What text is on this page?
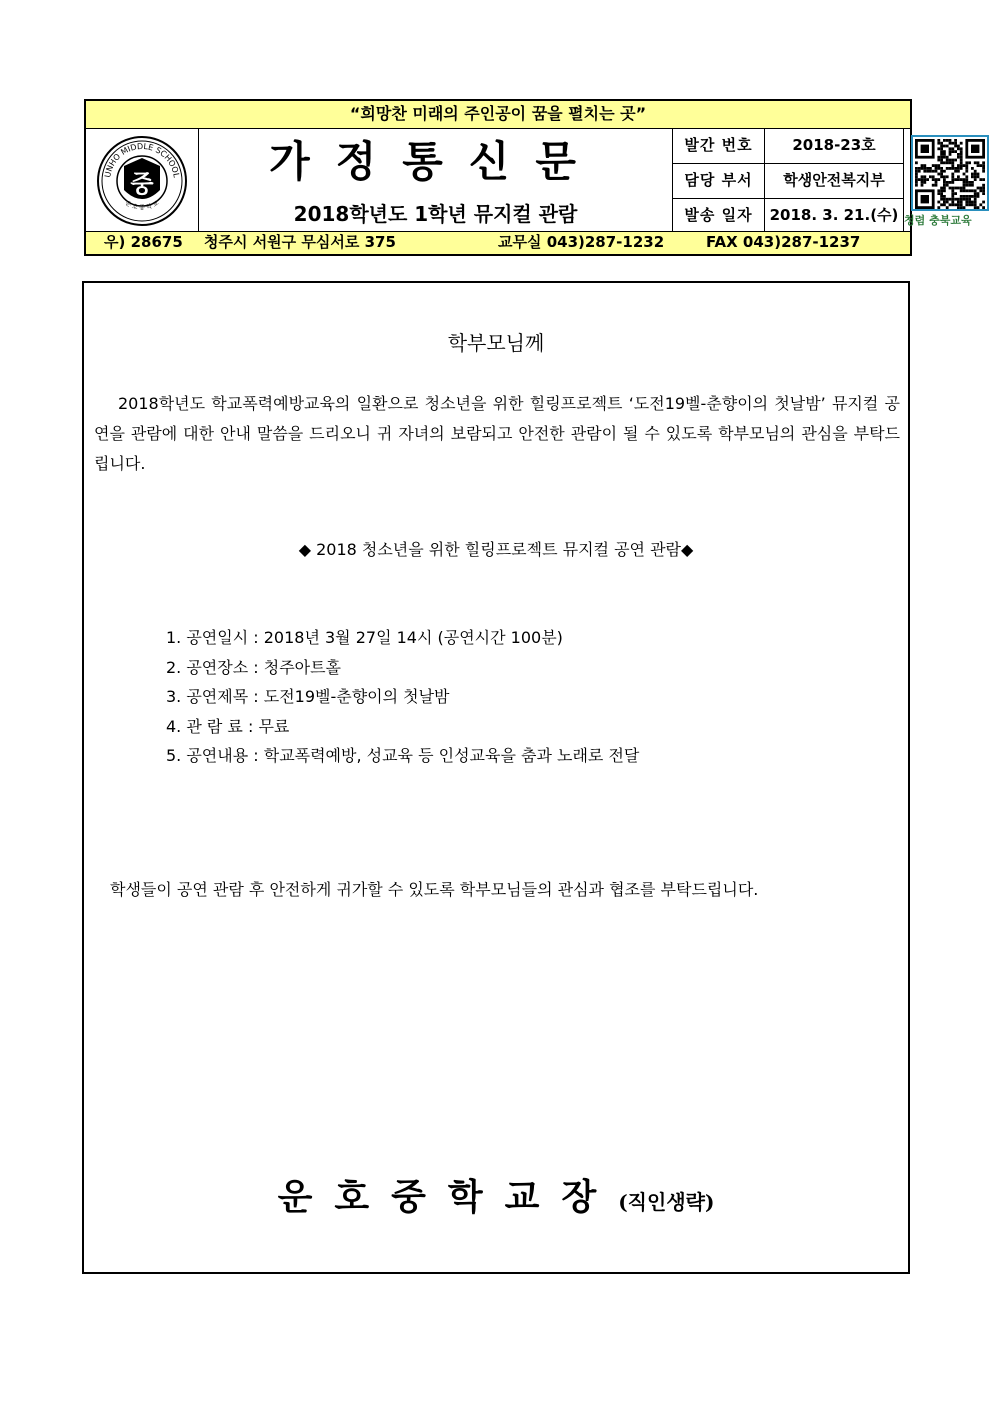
“희망찬 미래의 주인공이 꿈을 펼치는 곳”
UNHO MIDDLE SCHOOL
운 호 중 학 교
중	가정통신문
2018학년도 1학년 뮤지컬 관람
발간 번호	2018-23호
담당 부서	학생안전복지부
발송 일자	2018. 3. 21.(수) 청렴 충북교육
우) 28675 청주시 서원구 무심서로 375	교무실 043)287-1232	FAX 043)287-1237
학부모님께
2018학년도 학교폭력예방교육의 일환으로 청소년을 위한 힐링프로젝트 ‘도전19벨-춘향이의 첫날밤’ 뮤지컬 공연을 관람에 대한 안내 말씀을 드리오니 귀 자녀의 보람되고 안전한 관람이 될 수 있도록 학부모님의 관심을 부탁드립니다.
◆ 2018 청소년을 위한 힐링프로젝트 뮤지컬 공연 관람◆
1. 공연일시 : 2018년 3월 27일 14시 (공연시간 100분)
2. 공연장소 : 청주아트홀
3. 공연제목 : 도전19벨-춘향이의 첫날밤
4. 관 람 료 : 무료
5. 공연내용 : 학교폭력예방, 성교육 등 인성교육을 춤과 노래로 전달
학생들이 공연 관람 후 안전하게 귀가할 수 있도록 학부모님들의 관심과 협조를 부탁드립니다.
운호중학교장(직인생략)
